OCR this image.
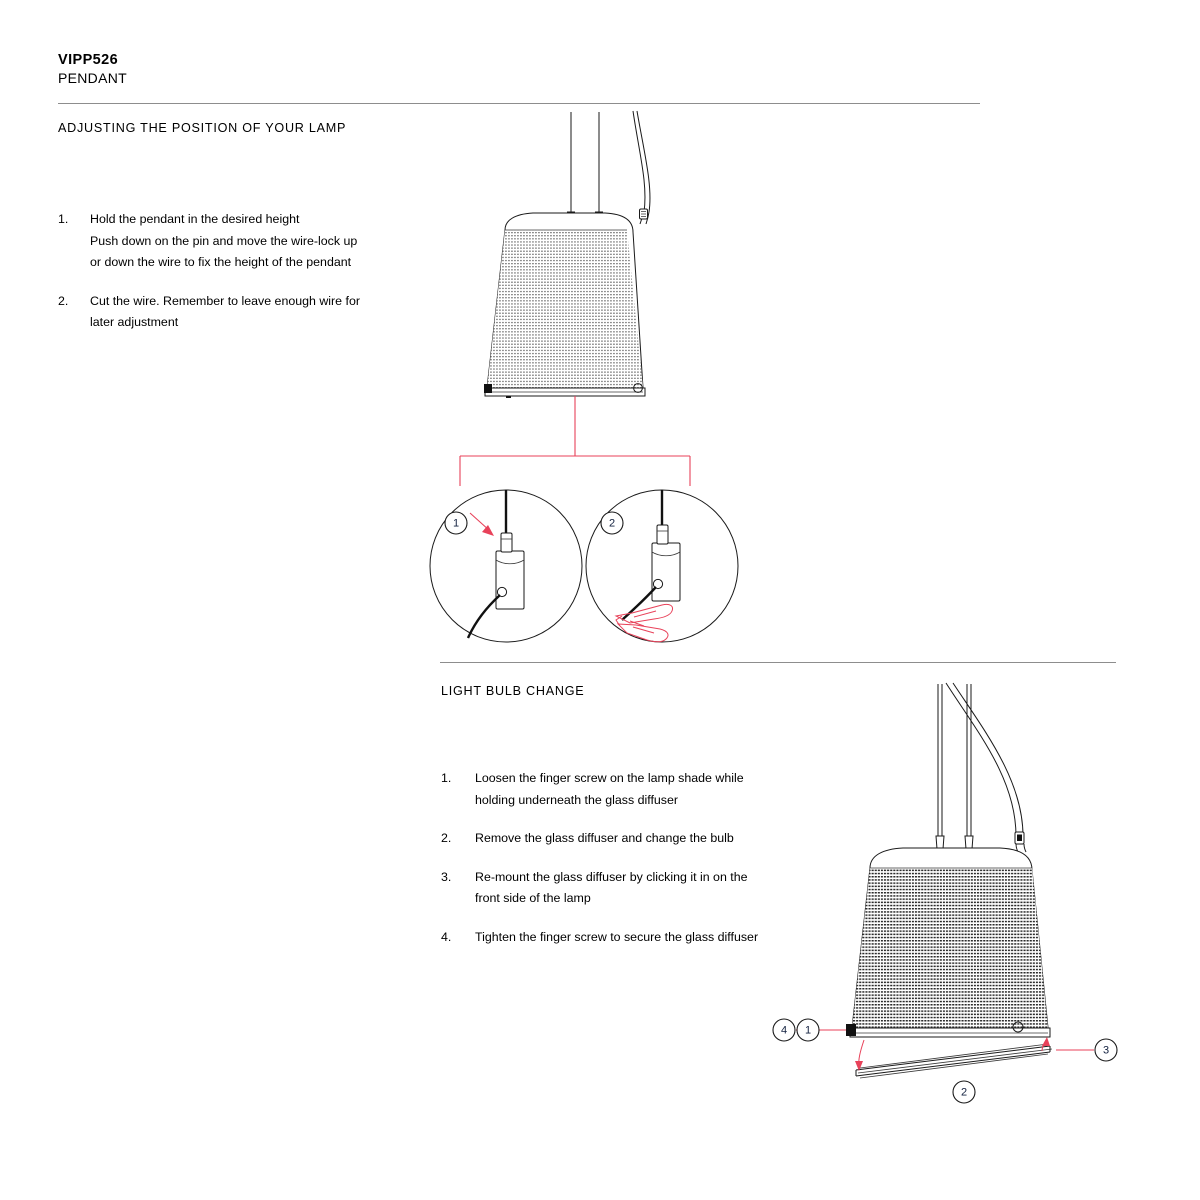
VIPP526
PENDANT
ADJUSTING THE POSITION OF YOUR LAMP
1. Hold the pendant in the desired height
Push down on the pin and move the wire-lock up
or down the wire to fix the height of the pendant
2. Cut the wire. Remember to leave enough wire for
later adjustment
1	2
LIGHT BULB CHANGE
1. Loosen the finger screw on the lamp shade while
holding underneath the glass diffuser
2. Remove the glass diffuser and change the bulb
3. Re-mount the glass diffuser by clicking it in on the
front side of the lamp
4. Tighten the finger screw to secure the glass diffuser
4 1
2
3
